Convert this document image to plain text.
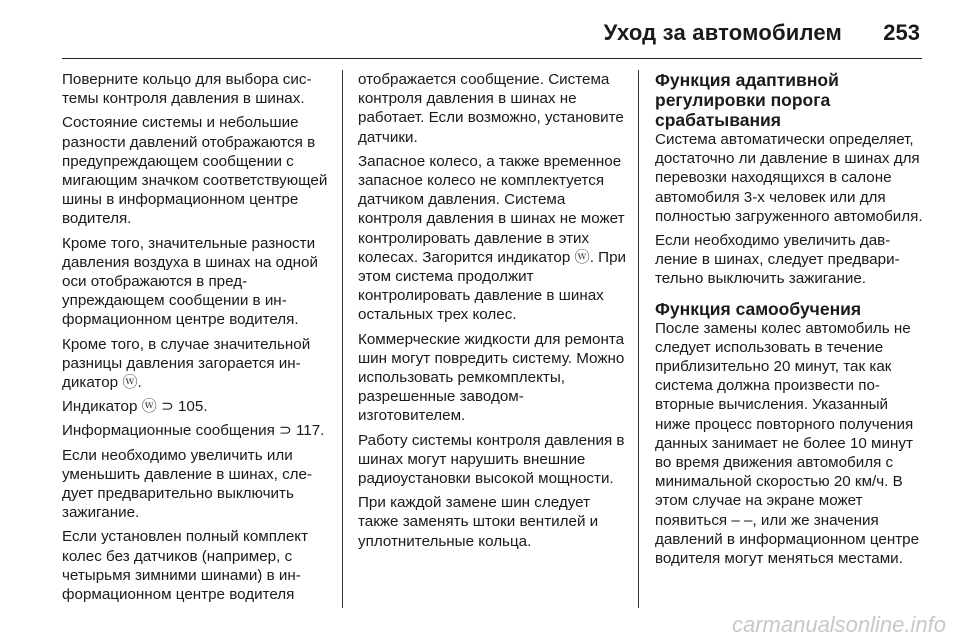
Уход за автомобилем 253

Поверните кольцо для выбора системы контроля давления в шинах.

Состояние системы и небольшие разности давлений отображаются в предупреждающем сообщении с мигающим значком соответствующей шины в информационном центре водителя.

Кроме того, значительные разности давления воздуха в шинах на одной оси отображаются в предупреждающем сообщении в информационном центре водителя.

Кроме того, в случае значительной разницы давления загорается индикатор ⓦ.

Индикатор ⓦ ⊃ 105.

Информационные сообщения ⊃ 117.

Если необходимо увеличить или уменьшить давление в шинах, следует предварительно выключить зажигание.

Если установлен полный комплект колес без датчиков (например, с четырьмя зимними шинами) в информационном центре водителя

отображается сообщение. Система контроля давления в шинах не работает. Если возможно, установите датчики.

Запасное колесо, а также временное запасное колесо не комплектуется датчиком давления. Система контроля давления в шинах не может контролировать давление в этих колесах. Загорится индикатор ⓦ. При этом система продолжит контролировать давление в шинах остальных трех колес.

Коммерческие жидкости для ремонта шин могут повредить систему. Можно использовать ремкомплекты, разрешенные заводом-изготовителем.

Работу системы контроля давления в шинах могут нарушить внешние радиоустановки высокой мощности.

При каждой замене шин следует также заменять штоки вентилей и уплотнительные кольца.

Функция адаптивной регулировки порога срабатывания

Система автоматически определяет, достаточно ли давление в шинах для перевозки находящихся в салоне автомобиля 3-х человек или для полностью загруженного автомобиля.

Если необходимо увеличить давление в шинах, следует предварительно выключить зажигание.

Функция самообучения

После замены колес автомобиль не следует использовать в течение приблизительно 20 минут, так как система должна произвести повторные вычисления. Указанный ниже процесс повторного получения данных занимает не более 10 минут во время движения автомобиля с минимальной скоростью 20 км/ч. В этом случае на экране может появиться – –, или же значения давлений в информационном центре водителя могут меняться местами.

carmanualsonline.info
